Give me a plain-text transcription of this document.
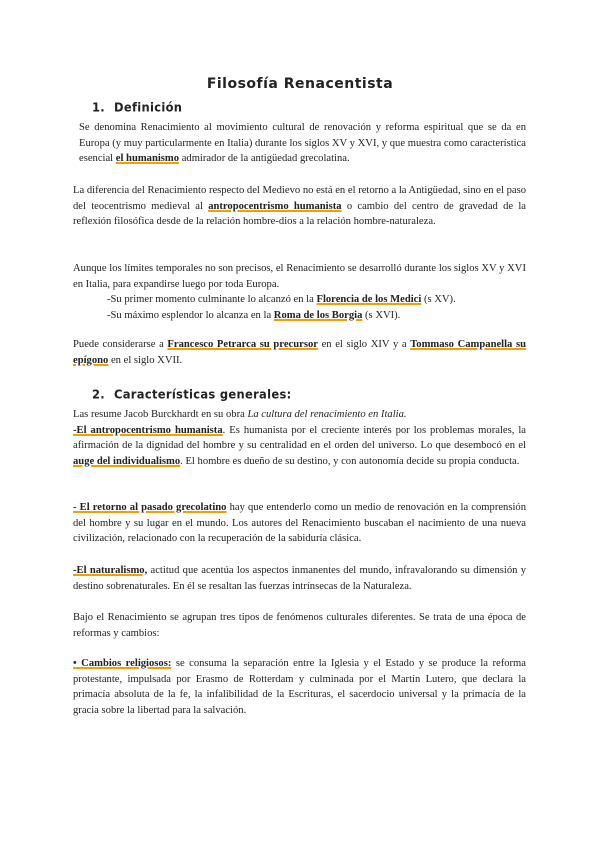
Filosofía Renacentista
1. Definición

Se denomina Renacimiento al movimiento cultural de renovación y reforma espiritual que se da en Europa (y muy particularmente en Italia) durante los siglos XV y XVI, y que muestra como característica esencial el humanismo admirador de la antigüedad grecolatina.

La diferencia del Renacimiento respecto del Medievo no está en el retorno a la Antigüedad, sino en el paso del teocentrismo medieval al antropocentrismo humanista o cambio del centro de gravedad de la reflexión filosófica desde de la relación hombre-dios a la relación hombre-naturaleza.

Aunque los límites temporales no son precisos, el Renacimiento se desarrolló durante los siglos XV y XVI en Italia, para expandirse luego por toda Europa.
-Su primer momento culminante lo alcanzó en la Florencia de los Medici (s XV).
-Su máximo esplendor lo alcanza en la Roma de los Borgia (s XVI).

Puede considerarse a Francesco Petrarca su precursor en el siglo XIV y a Tommaso Campanella su epígono en el siglo XVII.

2. Características generales:
Las resume Jacob Burckhardt en su obra La cultura del renacimiento en Italia.
-El antropocentrismo humanista. Es humanista por el creciente interés por los problemas morales, la afirmación de la dignidad del hombre y su centralidad en el orden del universo. Lo que desembocó en el auge del individualismo. El hombre es dueño de su destino, y con autonomía decide su propia conducta.

- El retorno al pasado grecolatino hay que entenderlo como un medio de renovación en la comprensión del hombre y su lugar en el mundo. Los autores del Renacimiento buscaban el nacimiento de una nueva civilización, relacionado con la recuperación de la sabiduría clásica.

-El naturalismo, actitud que acentúa los aspectos inmanentes del mundo, infravalorando su dimensión y destino sobrenaturales. En él se resaltan las fuerzas intrínsecas de la Naturaleza.

Bajo el Renacimiento se agrupan tres tipos de fenómenos culturales diferentes. Se trata de una época de reformas y cambios:

• Cambios religiosos: se consuma la separación entre la Iglesia y el Estado y se produce la reforma protestante, impulsada por Erasmo de Rotterdam y culminada por el Martín Lutero, que declara la primacía absoluta de la fe, la infalibilidad de la Escrituras, el sacerdocio universal y la primacía de la gracia sobre la libertad para la salvación.
